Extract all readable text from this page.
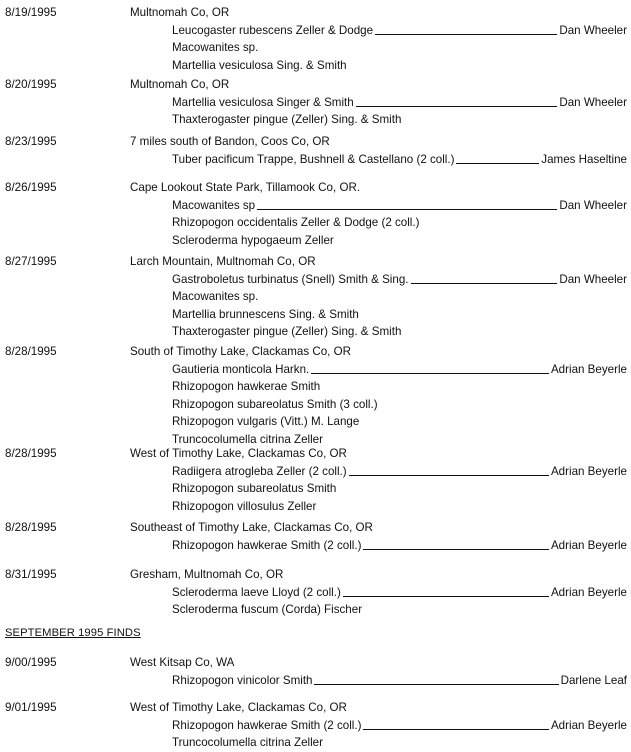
SEPTEMBER 1995 FINDS
8/19/1995	Multnomah Co, OR
Leucogaster rubescens Zeller & Dodge	Dan Wheeler
Macowanites sp.
Martellia vesiculosa Sing. & Smith
8/20/1995	Multnomah Co, OR
Martellia vesiculosa Singer & Smith	Dan Wheeler
Thaxterogaster pingue (Zeller) Sing. & Smith
8/23/1995	7 miles south of Bandon, Coos Co, OR
Tuber pacificum Trappe, Bushnell & Castellano (2 coll.)	James Haseltine
8/26/1995	Cape Lookout State Park, Tillamook Co, OR.
Macowanites sp	Dan Wheeler
Rhizopogon occidentalis Zeller & Dodge (2 coll.)
Scleroderma hypogaeum Zeller
8/27/1995	Larch Mountain, Multnomah Co, OR
Gastroboletus turbinatus (Snell) Smith & Sing.	Dan Wheeler
Macowanites sp.
Martellia brunnescens Sing. & Smith
Thaxterogaster pingue (Zeller) Sing. & Smith
8/28/1995	South of Timothy Lake, Clackamas Co, OR
Gautieria monticola Harkn.	Adrian Beyerle
Rhizopogon hawkerae Smith
Rhizopogon subareolatus Smith (3 coll.)
Rhizopogon vulgaris (Vitt.) M. Lange
Truncocolumella citrina Zeller
8/28/1995	West of Timothy Lake, Clackamas Co, OR
Radiigera atrogleba Zeller (2 coll.)	Adrian Beyerle
Rhizopogon subareolatus Smith
Rhizopogon villosulus Zeller
8/28/1995	Southeast of Timothy Lake, Clackamas Co, OR
Rhizopogon hawkerae Smith (2 coll.)	Adrian Beyerle
8/31/1995	Gresham, Multnomah Co, OR
Scleroderma laeve Lloyd (2 coll.)	Adrian Beyerle
Scleroderma fuscum (Corda) Fischer
9/00/1995	West Kitsap Co, WA
Rhizopogon vinicolor Smith	Darlene Leaf
9/01/1995	West of Timothy Lake, Clackamas Co, OR
Rhizopogon hawkerae Smith (2 coll.)	Adrian Beyerle
Truncocolumella citrina Zeller
